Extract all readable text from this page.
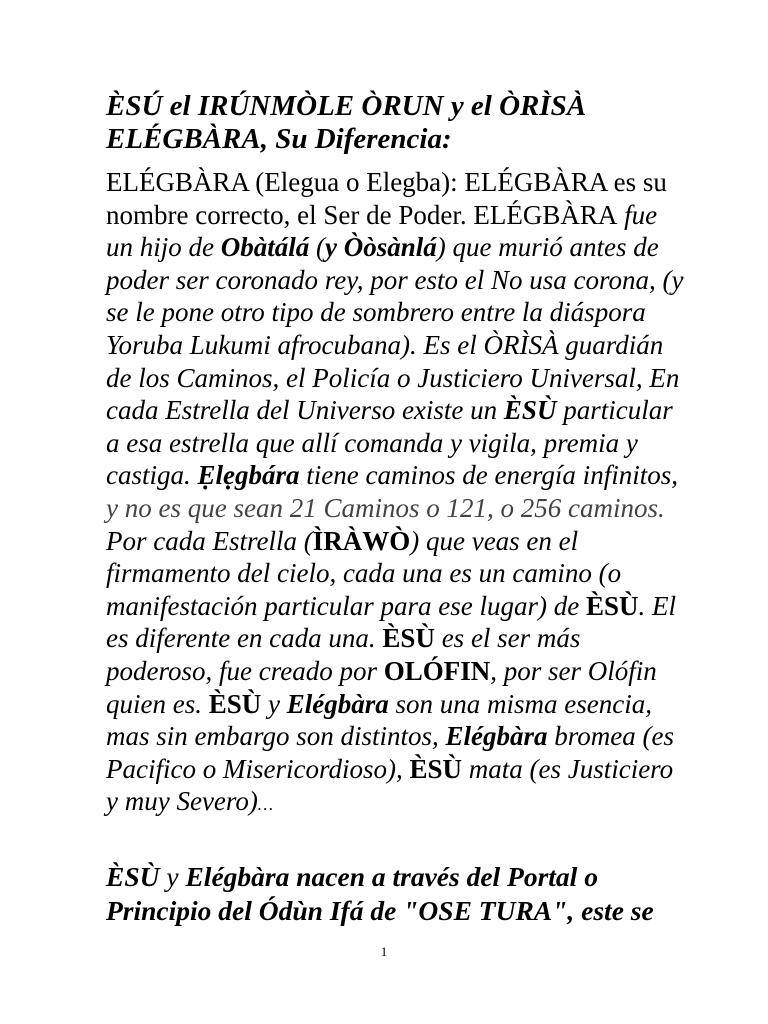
ÈSÚ el IRÚNMÒLE ÒRUN y el ÒRÌSÀ
ELÉGBÀRA, Su Diferencia:
ELÉGBÀRA (Elegua o Elegba): ELÉGBÀRA es su nombre correcto, el Ser de Poder. ELÉGBÀRA fue un hijo de Obàtálá (y Òòsànlá) que murió antes de poder ser coronado rey, por esto el No usa corona, (y se le pone otro tipo de sombrero entre la diáspora Yoruba Lukumi afrocubana). Es el ÒRÌSÀ guardián de los Caminos, el Policía o Justiciero Universal, En cada Estrella del Universo existe un ÈSÙ particular a esa estrella que allí comanda y vigila, premia y castiga. Ẹlẹgbára tiene caminos de energía infinitos, y no es que sean 21 Caminos o 121, o 256 caminos. Por cada Estrella (ÌRÀWÒ) que veas en el firmamento del cielo, cada una es un camino (o manifestación particular para ese lugar) de ÈSÙ. El es diferente en cada una. ÈSÙ es el ser más poderoso, fue creado por OLÓFIN, por ser Olófin quien es. ÈSÙ y Elégbàra son una misma esencia, mas sin embargo son distintos, Elégbàra bromea (es Pacifico o Misericordioso), ÈSÙ mata (es Justiciero y muy Severo)…
ÈSÙ y Elégbàra nacen a través del Portal o Principio del Ódùn Ifá de "OSE TURA", este se
1
